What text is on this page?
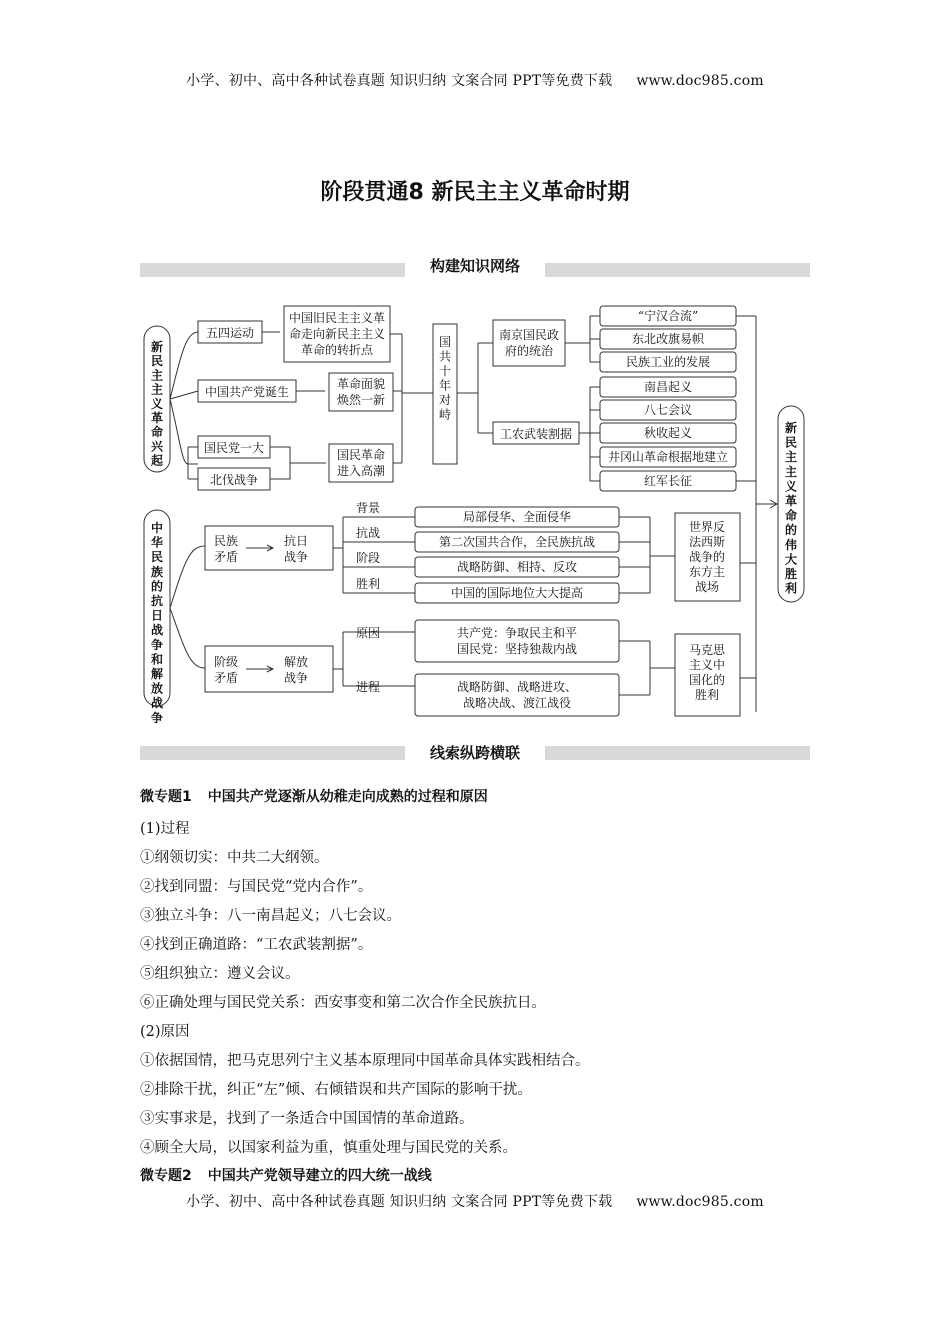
小学、初中、高中各种试卷真题 知识归纳 文案合同 PPT等免费下载 www.doc985.com
阶段贯通8 新民主主义革命时期
构建知识网络
新
民
主
主
义
革
命
兴
起
中
华
民
族
的
抗
日
战
争
和
解
放
战
争
新
民
主
主
义
革
命
的
伟
大
胜
利
国
共
十
年
对
峙
五四运动
中国共产党诞生
国民党一大
北伐战争
中国旧民主主义革
命走向新民主主义
革命的转折点
革命面貌
焕然一新
国民革命
进入高潮
南京国民政
府的统治
工农武装割据
“宁汉合流”
东北改旗易帜
民族工业的发展
南昌起义
八七会议
秋收起义
井冈山革命根据地建立
红军长征
民族
矛盾
抗日
战争
背景
抗战
阶段
胜利
局部侵华、全面侵华
第二次国共合作，全民族抗战
战略防御、相持、反攻
中国的国际地位大大提高
世界反
法西斯
战争的
东方主
战场
阶级
矛盾
解放
战争
原因
进程
共产党：争取民主和平
国民党：坚持独裁内战
战略防御、战略进攻、
战略决战、渡江战役
马克思
主义中
国化的
胜利
线索纵跨横联
微专题1 中国共产党逐渐从幼稚走向成熟的过程和原因
(1)过程
①纲领切实：中共二大纲领。
②找到同盟：与国民党“党内合作”。
③独立斗争：八一南昌起义；八七会议。
④找到正确道路：“工农武装割据”。
⑤组织独立：遵义会议。
⑥正确处理与国民党关系：西安事变和第二次合作全民族抗日。
(2)原因
①依据国情，把马克思列宁主义基本原理同中国革命具体实践相结合。
②排除干扰，纠正“左”倾、右倾错误和共产国际的影响干扰。
③实事求是，找到了一条适合中国国情的革命道路。
④顾全大局，以国家利益为重，慎重处理与国民党的关系。
微专题2 中国共产党领导建立的四大统一战线
小学、初中、高中各种试卷真题 知识归纳 文案合同 PPT等免费下载 www.doc985.com
